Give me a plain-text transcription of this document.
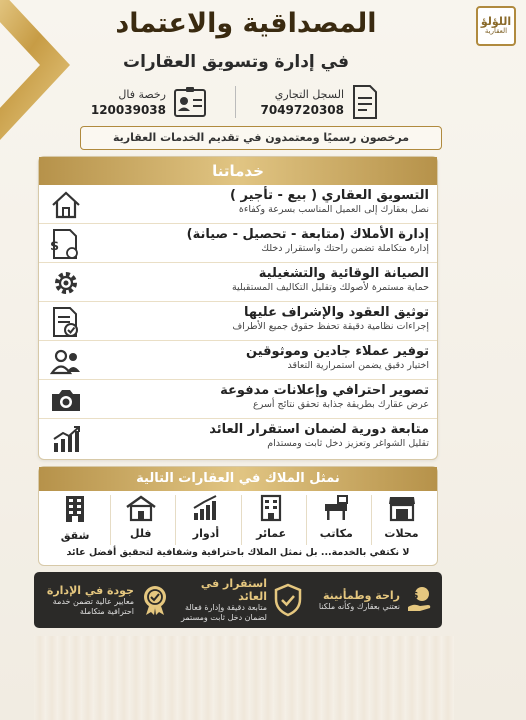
اللؤلؤ
العقارية
المصداقية والاعتماد
في إدارة وتسويق العقارات
السجل التجاري
7049720308
رخصة فال
120039038
مرخصون رسميًا ومعتمدون في تقديم الخدمات العقارية
خدماتنا
التسويق العقاري ( بيع - تأجير )
نصل بعقارك إلى العميل المناسب بسرعة وكفاءة
إدارة الأملاك (متابعة - تحصيل - صيانة)
إدارة متكاملة تضمن راحتك واستقرار دخلك
$
الصيانة الوقائية والتشغيلية
حماية مستمرة لأصولك وتقليل التكاليف المستقبلية
توثيق العقود والإشراف عليها
إجراءات نظامية دقيقة تحفظ حقوق جميع الأطراف
توفير عملاء جادين وموثوقين
اختيار دقيق يضمن استمرارية التعاقد
تصوير احترافي وإعلانات مدفوعة
عرض عقارك بطريقة جذابة تحقق نتائج أسرع
متابعة دورية لضمان استقرار العائد
تقليل الشواغر وتعزيز دخل ثابت ومستدام
نمثل الملاك في العقارات التالية
محلات
مكاتب
عمائر
أدوار
فلل
شقق
لا نكتفي بالخدمة... بل نمثل الملاك باحترافية وشفافية لتحقيق أفضل عائد
$
راحة وطمأنينة
نعتني بعقارك وكأنه ملكنا
استقرار في العائد
متابعة دقيقة وإدارة فعالة لضمان دخل ثابت ومستمر
جودة في الإدارة
معايير عالية تضمن خدمة احترافية متكاملة
